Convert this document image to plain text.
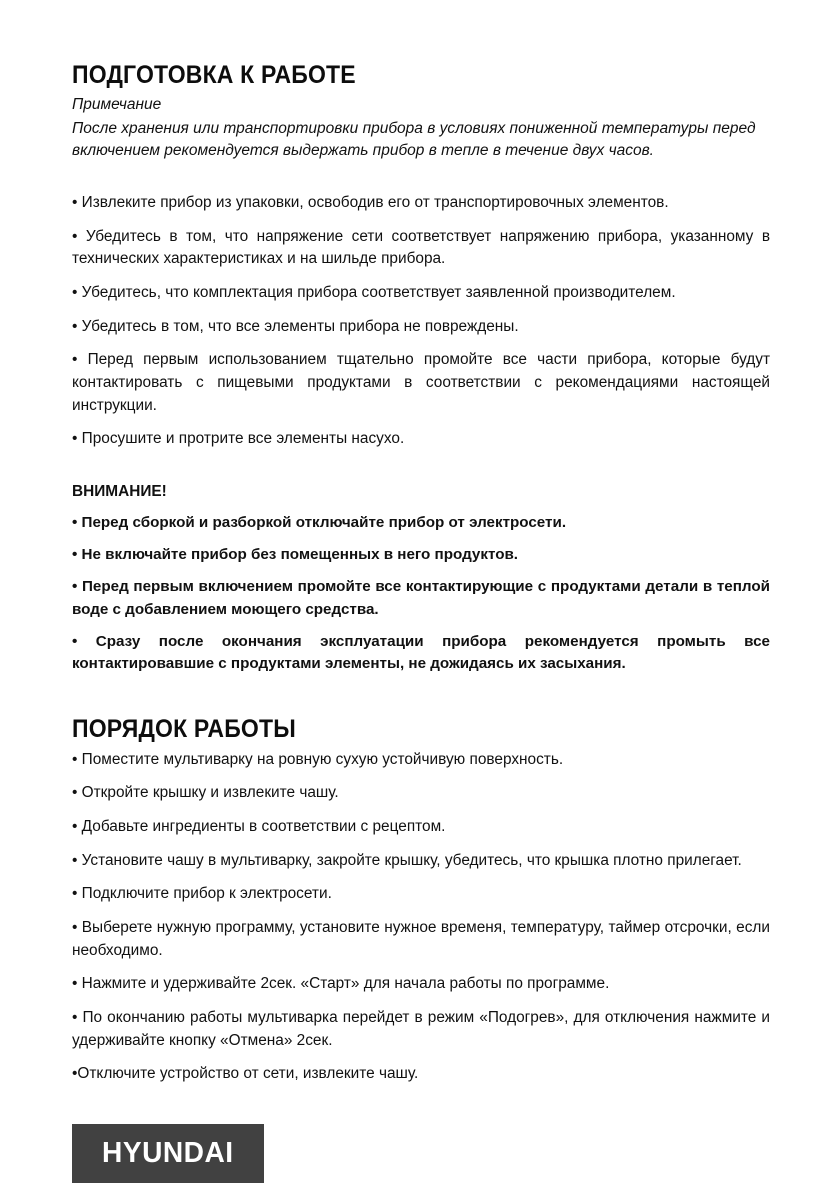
ПОДГОТОВКА К РАБОТЕ

Примечание

После хранения или транспортировки прибора в условиях пониженной температуры перед включением рекомендуется выдержать прибор в тепле в течение двух часов.

• Извлеките прибор из упаковки, освободив его от транспортировочных элементов.
• Убедитесь в том, что напряжение сети соответствует напряжению прибора, указанному в технических характеристиках и на шильде прибора.
• Убедитесь, что комплектация прибора соответствует заявленной производителем.
• Убедитесь в том, что все элементы прибора не повреждены.
• Перед первым использованием тщательно промойте все части прибора, которые будут контактировать с пищевыми продуктами в соответствии с рекомендациями настоящей инструкции.
• Просушите и протрите все элементы насухо.

ВНИМАНИЕ!

• Перед сборкой и разборкой отключайте прибор от электросети.
• Не включайте прибор без помещенных в него продуктов.
• Перед первым включением промойте все контактирующие с продуктами детали в теплой воде с добавлением моющего средства.
• Сразу после окончания эксплуатации прибора рекомендуется промыть все контактировавшие с продуктами элементы, не дожидаясь их засыхания.
ПОРЯДОК РАБОТЫ
• Поместите мультиварку на ровную сухую устойчивую поверхность.
• Откройте крышку и извлеките чашу.
• Добавьте ингредиенты в соответствии с рецептом.
• Установите чашу в мультиварку, закройте крышку, убедитесь, что крышка плотно прилегает.
• Подключите прибор к электросети.
• Выберете нужную программу, установите нужное временя, температуру, таймер отсрочки, если необходимо.
• Нажмите и удерживайте 2сек. «Старт» для начала работы по программе.
• По окончанию работы мультиварка перейдет в режим «Подогрев», для отключения нажмите и удерживайте кнопку «Отмена» 2сек.
•Отключите устройство от сети, извлеките чашу.
HYUNDAI
